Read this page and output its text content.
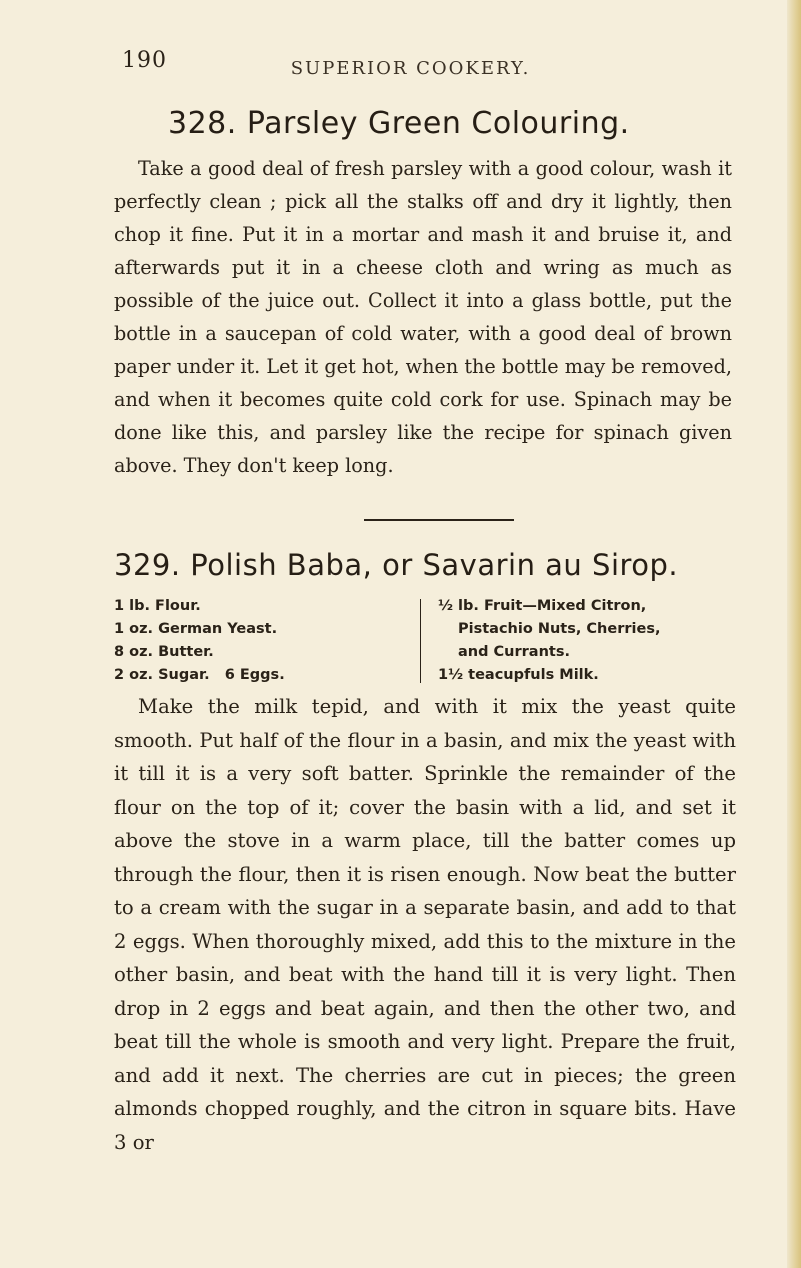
190	SUPERIOR COOKERY.
328. Parsley Green Colouring.
Take a good deal of fresh parsley with a good colour, wash it perfectly clean ; pick all the stalks off and dry it lightly, then chop it fine. Put it in a mortar and mash it and bruise it, and afterwards put it in a cheese cloth and wring as much as possible of the juice out. Collect it into a glass bottle, put the bottle in a saucepan of cold water, with a good deal of brown paper under it. Let it get hot, when the bottle may be removed, and when it becomes quite cold cork for use. Spinach may be done like this, and parsley like the recipe for spinach given above. They don't keep long.
329. Polish Baba, or Savarin au Sirop.
1 lb. Flour.
1 oz. German Yeast.
8 oz. Butter.
2 oz. Sugar.   6 Eggs.
½ lb. Fruit—Mixed Citron,
Pistachio Nuts, Cherries,
and Currants.
1½ teacupfuls Milk.
Make the milk tepid, and with it mix the yeast quite smooth. Put half of the flour in a basin, and mix the yeast with it till it is a very soft batter. Sprinkle the remainder of the flour on the top of it; cover the basin with a lid, and set it above the stove in a warm place, till the batter comes up through the flour, then it is risen enough. Now beat the butter to a cream with the sugar in a separate basin, and add to that 2 eggs. When thoroughly mixed, add this to the mixture in the other basin, and beat with the hand till it is very light. Then drop in 2 eggs and beat again, and then the other two, and beat till the whole is smooth and very light. Prepare the fruit, and add it next. The cherries are cut in pieces; the green almonds chopped roughly, and the citron in square bits. Have 3 or
